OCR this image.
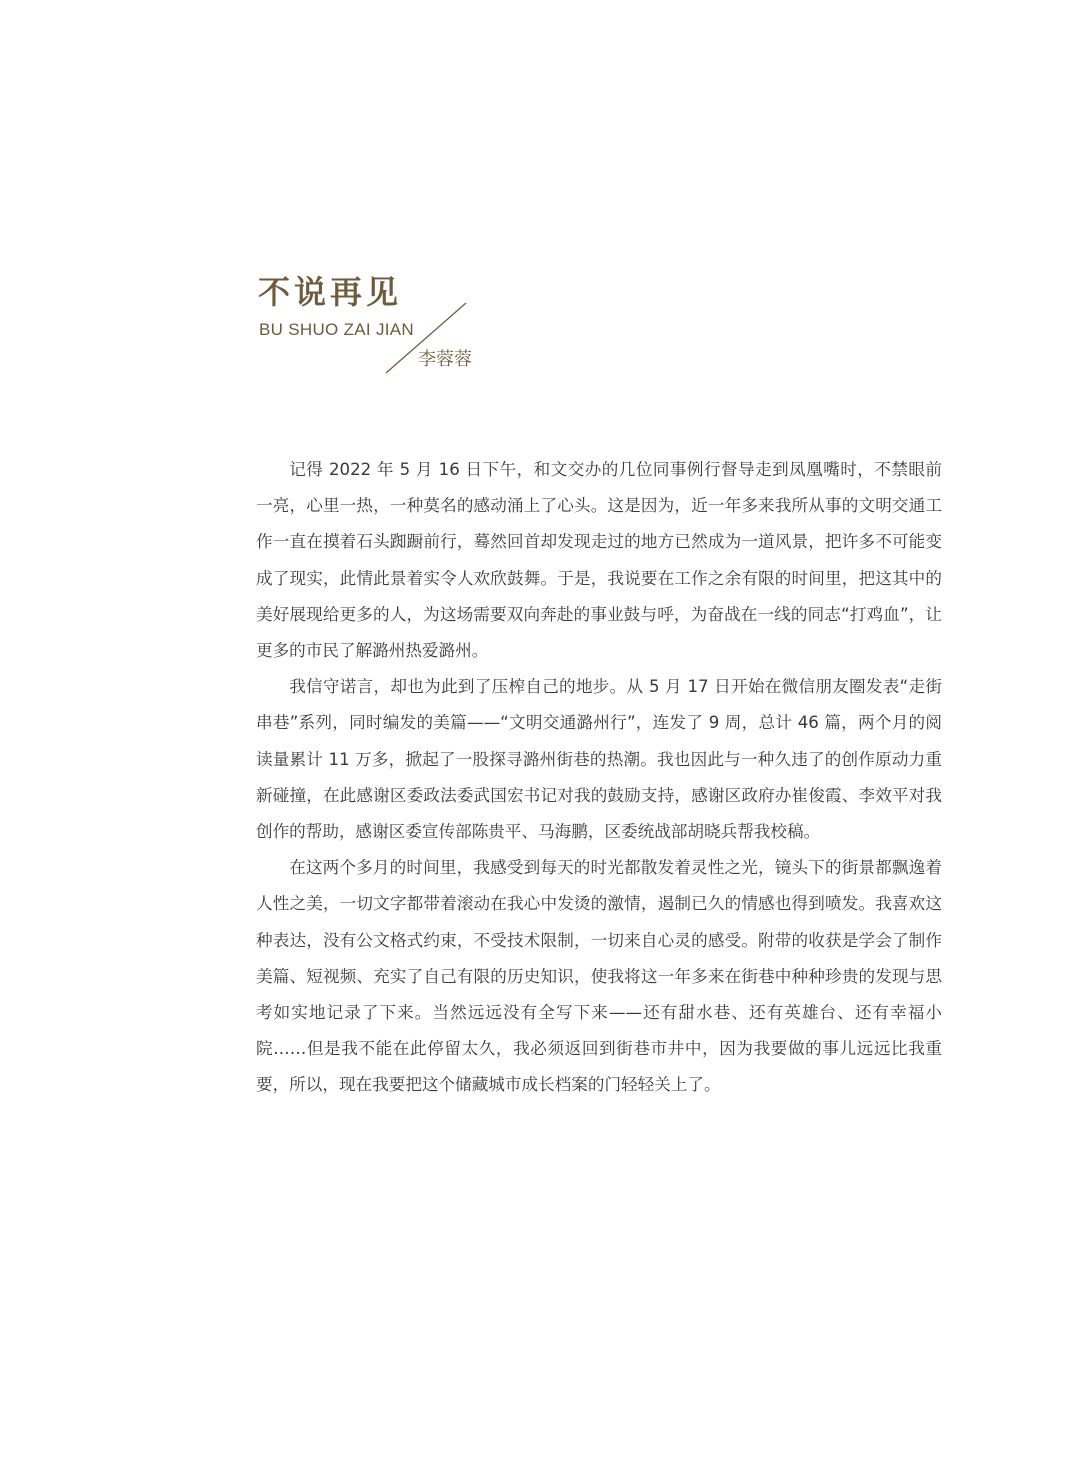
不说再见
BU SHUO ZAI JIAN
李蓉蓉

记得 2022 年 5 月 16 日下午，和文交办的几位同事例行督导走到凤凰嘴时，不禁眼前一亮，心里一热，一种莫名的感动涌上了心头。这是因为，近一年多来我所从事的文明交通工作一直在摸着石头踟蹰前行，蓦然回首却发现走过的地方已然成为一道风景，把许多不可能变成了现实，此情此景着实令人欢欣鼓舞。于是，我说要在工作之余有限的时间里，把这其中的美好展现给更多的人，为这场需要双向奔赴的事业鼓与呼，为奋战在一线的同志“打鸡血”，让更多的市民了解潞州热爱潞州。

我信守诺言，却也为此到了压榨自己的地步。从 5 月 17 日开始在微信朋友圈发表“走街串巷”系列，同时编发的美篇——“文明交通潞州行”，连发了 9 周，总计 46 篇，两个月的阅读量累计 11 万多，掀起了一股探寻潞州街巷的热潮。我也因此与一种久违了的创作原动力重新碰撞，在此感谢区委政法委武国宏书记对我的鼓励支持，感谢区政府办崔俊霞、李效平对我创作的帮助，感谢区委宣传部陈贵平、马海鹏，区委统战部胡晓兵帮我校稿。

在这两个多月的时间里，我感受到每天的时光都散发着灵性之光，镜头下的街景都飘逸着人性之美，一切文字都带着滚动在我心中发烫的激情，遏制已久的情感也得到喷发。我喜欢这种表达，没有公文格式约束，不受技术限制，一切来自心灵的感受。附带的收获是学会了制作美篇、短视频、充实了自己有限的历史知识，使我将这一年多来在街巷中种种珍贵的发现与思考如实地记录了下来。当然远远没有全写下来——还有甜水巷、还有英雄台、还有幸福小院……但是我不能在此停留太久，我必须返回到街巷市井中，因为我要做的事儿远远比我重要，所以，现在我要把这个储藏城市成长档案的门轻轻关上了。
